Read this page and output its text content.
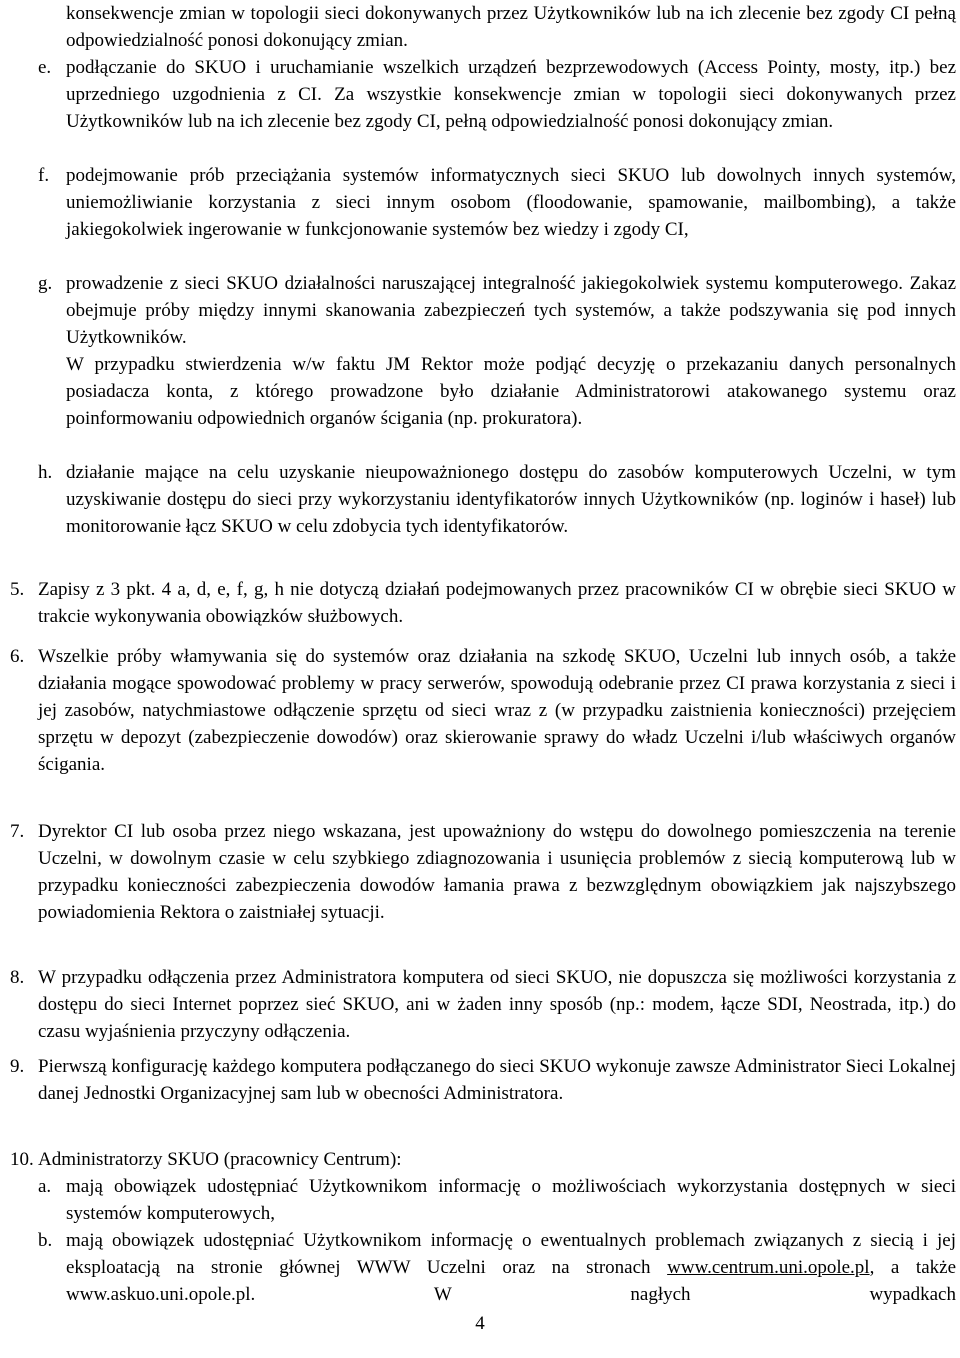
konsekwencje zmian w topologii sieci dokonywanych przez Użytkowników lub na ich zlecenie bez zgody CI pełną odpowiedzialność ponosi dokonujący zmian.

e. podłączanie do SKUO i uruchamianie wszelkich urządzeń bezprzewodowych (Access Pointy, mosty, itp.) bez uprzedniego uzgodnienia z CI. Za wszystkie konsekwencje zmian w topologii sieci dokonywanych przez Użytkowników lub na ich zlecenie bez zgody CI, pełną odpowiedzialność ponosi dokonujący zmian.

f. podejmowanie prób przeciążania systemów informatycznych sieci SKUO lub dowolnych innych systemów, uniemożliwianie korzystania z sieci innym osobom (floodowanie, spamowanie, mailbombing), a także jakiegokolwiek ingerowanie w funkcjonowanie systemów bez wiedzy i zgody CI,

g. prowadzenie z sieci SKUO działalności naruszającej integralność jakiegokolwiek systemu komputerowego. Zakaz obejmuje próby między innymi skanowania zabezpieczeń tych systemów, a także podszywania się pod innych Użytkowników.

W przypadku stwierdzenia w/w faktu JM Rektor może podjąć decyzję o przekazaniu danych personalnych posiadacza konta, z którego prowadzone było działanie Administratorowi atakowanego systemu oraz poinformowaniu odpowiednich organów ścigania (np. prokuratora).

h. działanie mające na celu uzyskanie nieupoważnionego dostępu do zasobów komputerowych Uczelni, w tym uzyskiwanie dostępu do sieci przy wykorzystaniu identyfikatorów innych Użytkowników (np. loginów i haseł) lub monitorowanie łącz SKUO w celu zdobycia tych identyfikatorów.

5. Zapisy z 3 pkt. 4 a, d, e, f, g, h nie dotyczą działań podejmowanych przez pracowników CI w obrębie sieci SKUO w trakcie wykonywania obowiązków służbowych.

6. Wszelkie próby włamywania się do systemów oraz działania na szkodę SKUO, Uczelni lub innych osób, a także działania mogące spowodować problemy w pracy serwerów, spowodują odebranie przez CI prawa korzystania z sieci i jej zasobów, natychmiastowe odłączenie sprzętu od sieci wraz z (w przypadku zaistnienia konieczności) przejęciem sprzętu w depozyt (zabezpieczenie dowodów) oraz skierowanie sprawy do władz Uczelni i/lub właściwych organów ścigania.

7. Dyrektor CI lub osoba przez niego wskazana, jest upoważniony do wstępu do dowolnego pomieszczenia na terenie Uczelni, w dowolnym czasie w celu szybkiego zdiagnozowania i usunięcia problemów z siecią komputerową lub w przypadku konieczności zabezpieczenia dowodów łamania prawa z bezwzględnym obowiązkiem jak najszybszego powiadomienia Rektora o zaistniałej sytuacji.

8. W przypadku odłączenia przez Administratora komputera od sieci SKUO, nie dopuszcza się możliwości korzystania z dostępu do sieci Internet poprzez sieć SKUO, ani w żaden inny sposób (np.: modem, łącze SDI, Neostrada, itp.) do czasu wyjaśnienia przyczyny odłączenia.

9. Pierwszą konfigurację każdego komputera podłączanego do sieci SKUO wykonuje zawsze Administrator Sieci Lokalnej danej Jednostki Organizacyjnej sam lub w obecności Administratora.

10. Administratorzy SKUO (pracownicy Centrum):

a. mają obowiązek udostępniać Użytkownikom informację o możliwościach wykorzystania dostępnych w sieci systemów komputerowych,

b. mają obowiązek udostępniać Użytkownikom informację o ewentualnych problemach związanych z siecią i jej eksploatacją na stronie głównej WWW Uczelni oraz na stronach www.centrum.uni.opole.pl, a także www.askuo.uni.opole.pl. W nagłych wypadkach

4
